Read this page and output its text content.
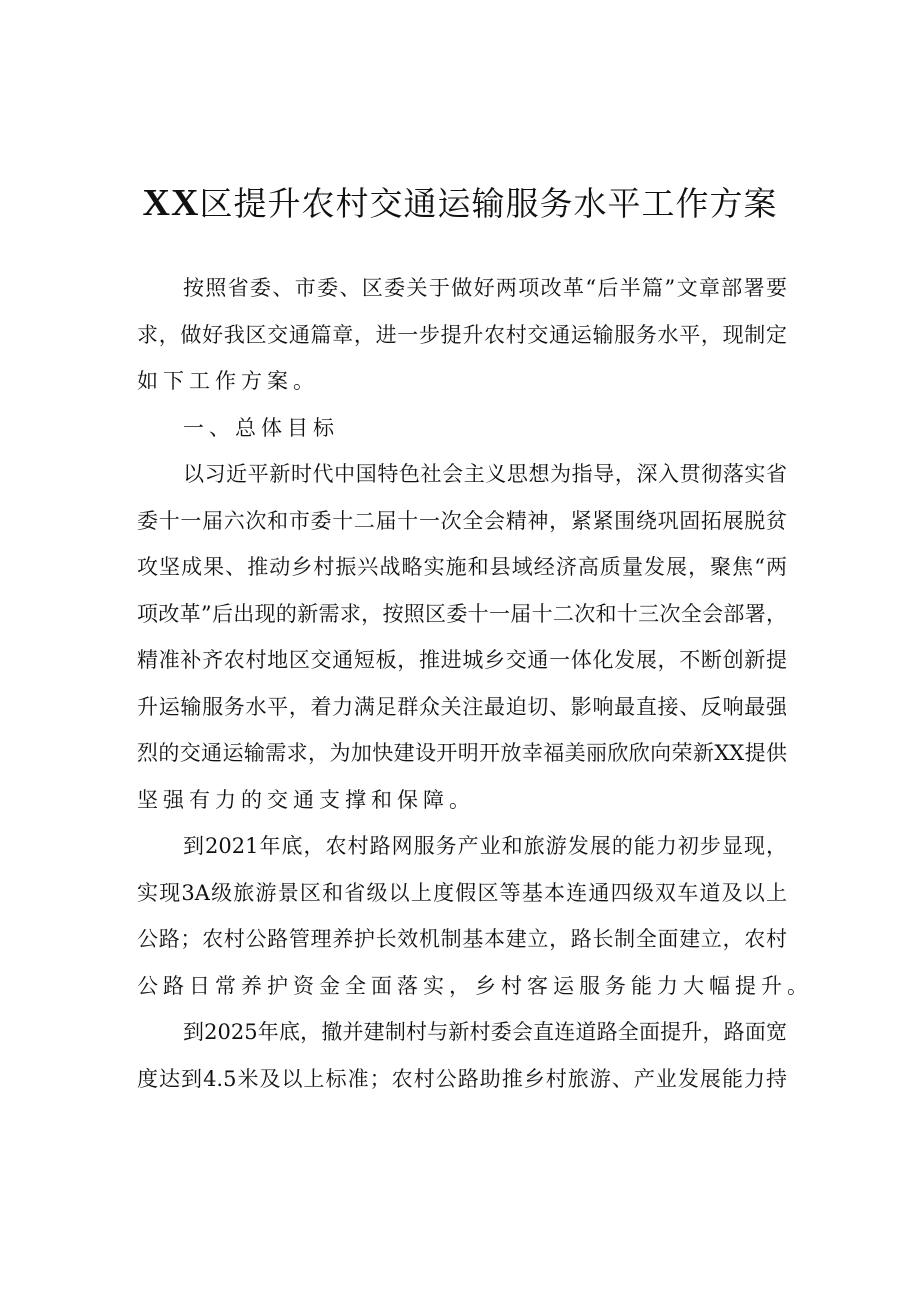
XX区提升农村交通运输服务水平工作方案
按照省委、市委、区委关于做好两项改革“后半篇”文章部署要
求，做好我区交通篇章，进一步提升农村交通运输服务水平，现制定
如下工作方案。
一、总体目标
以习近平新时代中国特色社会主义思想为指导，深入贯彻落实省
委十一届六次和市委十二届十一次全会精神，紧紧围绕巩固拓展脱贫
攻坚成果、推动乡村振兴战略实施和县域经济高质量发展，聚焦“两
项改革”后出现的新需求，按照区委十一届十二次和十三次全会部署，
精准补齐农村地区交通短板，推进城乡交通一体化发展，不断创新提
升运输服务水平，着力满足群众关注最迫切、影响最直接、反响最强
烈的交通运输需求，为加快建设开明开放幸福美丽欣欣向荣新XX提供
坚强有力的交通支撑和保障。
到2021年底，农村路网服务产业和旅游发展的能力初步显现，
实现3A级旅游景区和省级以上度假区等基本连通四级双车道及以上
公路；农村公路管理养护长效机制基本建立，路长制全面建立，农村
公路日常养护资金全面落实，乡村客运服务能力大幅提升。
到2025年底，撤并建制村与新村委会直连道路全面提升，路面宽
度达到4.5米及以上标准；农村公路助推乡村旅游、产业发展能力持
